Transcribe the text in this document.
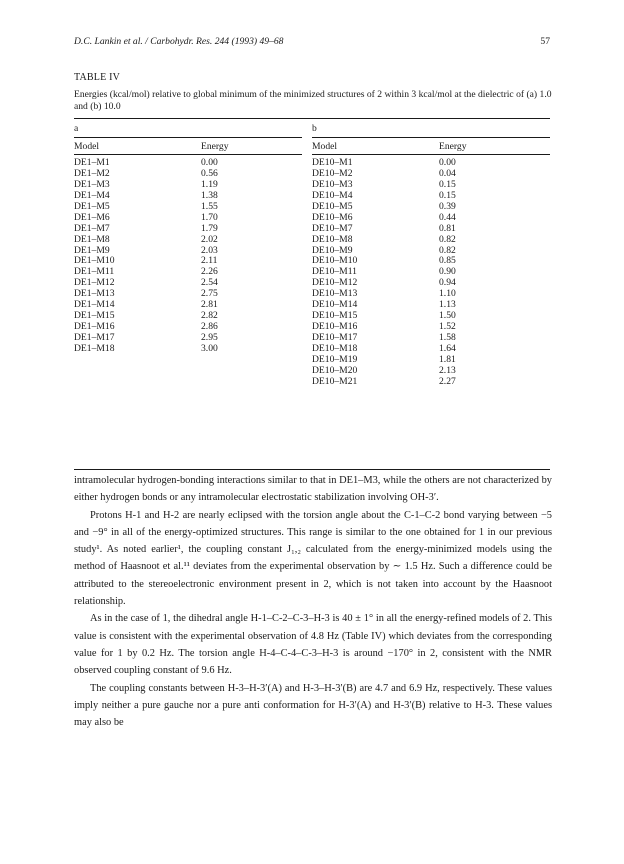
D.C. Lankin et al. / Carbohydr. Res. 244 (1993) 49–68	57
TABLE IV
Energies (kcal/mol) relative to global minimum of the minimized structures of 2 within 3 kcal/mol at the dielectric of (a) 1.0 and (b) 10.0
a
Model	Energy
DE1–M1	0.00
DE1–M2	0.56
DE1–M3	1.19
DE1–M4	1.38
DE1–M5	1.55
DE1–M6	1.70
DE1–M7	1.79
DE1–M8	2.02
DE1–M9	2.03
DE1–M10	2.11
DE1–M11	2.26
DE1–M12	2.54
DE1–M13	2.75
DE1–M14	2.81
DE1–M15	2.82
DE1–M16	2.86
DE1–M17	2.95
DE1–M18	3.00
b
Model	Energy
DE10–M1	0.00
DE10–M2	0.04
DE10–M3	0.15
DE10–M4	0.15
DE10–M5	0.39
DE10–M6	0.44
DE10–M7	0.81
DE10–M8	0.82
DE10–M9	0.82
DE10–M10	0.85
DE10–M11	0.90
DE10–M12	0.94
DE10–M13	1.10
DE10–M14	1.13
DE10–M15	1.50
DE10–M16	1.52
DE10–M17	1.58
DE10–M18	1.64
DE10–M19	1.81
DE10–M20	2.13
DE10–M21	2.27

intramolecular hydrogen-bonding interactions similar to that in DE1–M3, while the others are not characterized by either hydrogen bonds or any intramolecular electrostatic stabilization involving OH-3′.

Protons H-1 and H-2 are nearly eclipsed with the torsion angle about the C-1–C-2 bond varying between −5 and −9° in all of the energy-optimized structures. This range is similar to the one obtained for 1 in our previous study¹. As noted earlier¹, the coupling constant J₁,₂ calculated from the energy-minimized models using the method of Haasnoot et al.¹¹ deviates from the experimental observation by ∼ 1.5 Hz. Such a difference could be attributed to the stereoelectronic environment present in 2, which is not taken into account by the Haasnoot relationship.

As in the case of 1, the dihedral angle H-1–C-2–C-3–H-3 is 40 ± 1° in all the energy-refined models of 2. This value is consistent with the experimental observation of 4.8 Hz (Table IV) which deviates from the corresponding value for 1 by 0.2 Hz. The torsion angle H-4–C-4–C-3–H-3 is around −170° in 2, consistent with the NMR observed coupling constant of 9.6 Hz.

The coupling constants between H-3–H-3′(A) and H-3–H-3′(B) are 4.7 and 6.9 Hz, respectively. These values imply neither a pure gauche nor a pure anti conformation for H-3′(A) and H-3′(B) relative to H-3. These values may also be
